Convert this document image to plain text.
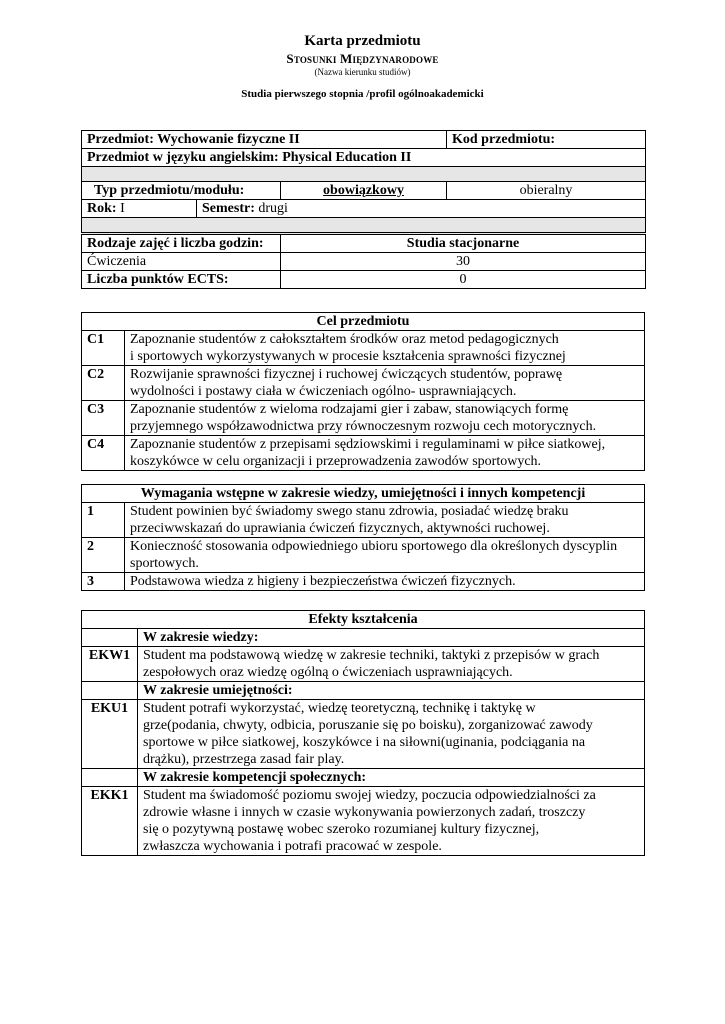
Karta przedmiotu
Stosunki Międzynarodowe
(Nazwa kierunku studiów)
Studia pierwszego stopnia /profil ogólnoakademicki
Przedmiot: Wychowanie fizyczne II			Kod przedmiotu:
Przedmiot w języku angielskim: Physical Education II			

Typ przedmiotu/modułu:		obowiązkowy	obieralny
Rok: I	Semestr: drugi		

Rodzaje zajęć i liczba godzin:		Studia stacjonarne	
Ćwiczenia		30	
Liczba punktów ECTS:		0	
Cel przedmiotu	
C1	Zapoznanie studentów z całokształtem środków oraz metod pedagogicznych
i sportowych wykorzystywanych w procesie kształcenia sprawności fizycznej

C2	Rozwijanie sprawności fizycznej i ruchowej ćwiczących studentów, poprawę
wydolności i postawy ciała w ćwiczeniach ogólno- usprawniających.

C3	Zapoznanie studentów z wieloma rodzajami gier i zabaw, stanowiących formę
przyjemnego współzawodnictwa przy równoczesnym rozwoju cech motorycznych.

C4	Zapoznanie studentów z przepisami sędziowskimi i regulaminami w piłce siatkowej,
koszykówce w celu organizacji i przeprowadzenia zawodów sportowych.
Wymagania wstępne w zakresie wiedzy, umiejętności i innych kompetencji	
1	Student powinien być świadomy swego stanu zdrowia, posiadać wiedzę braku
przeciwwskazań do uprawiania ćwiczeń fizycznych, aktywności ruchowej.

2	Konieczność stosowania odpowiedniego ubioru sportowego dla określonych dyscyplin
sportowych.

3	Podstawowa wiedza z higieny i bezpieczeństwa ćwiczeń fizycznych.
Efekty kształcenia	
	W zakresie wiedzy:
EKW1	Student ma podstawową wiedzę w zakresie techniki, taktyki z przepisów w grach
zespołowych oraz wiedzę ogólną o ćwiczeniach usprawniających.

	W zakresie umiejętności:
EKU1	Student potrafi wykorzystać, wiedzę teoretyczną, technikę i taktykę w
grze(podania, chwyty, odbicia, poruszanie się po boisku), zorganizować zawody
sportowe w piłce siatkowej, koszykówce i na siłowni(uginania, podciągania na
drążku), przestrzega zasad fair play.

	W zakresie kompetencji społecznych:
EKK1	Student ma świadomość poziomu swojej wiedzy, poczucia odpowiedzialności za
zdrowie własne i innych w czasie wykonywania powierzonych zadań, troszczy
się o pozytywną postawę wobec szeroko rozumianej kultury fizycznej,
zwłaszcza wychowania i potrafi pracować w zespole.
